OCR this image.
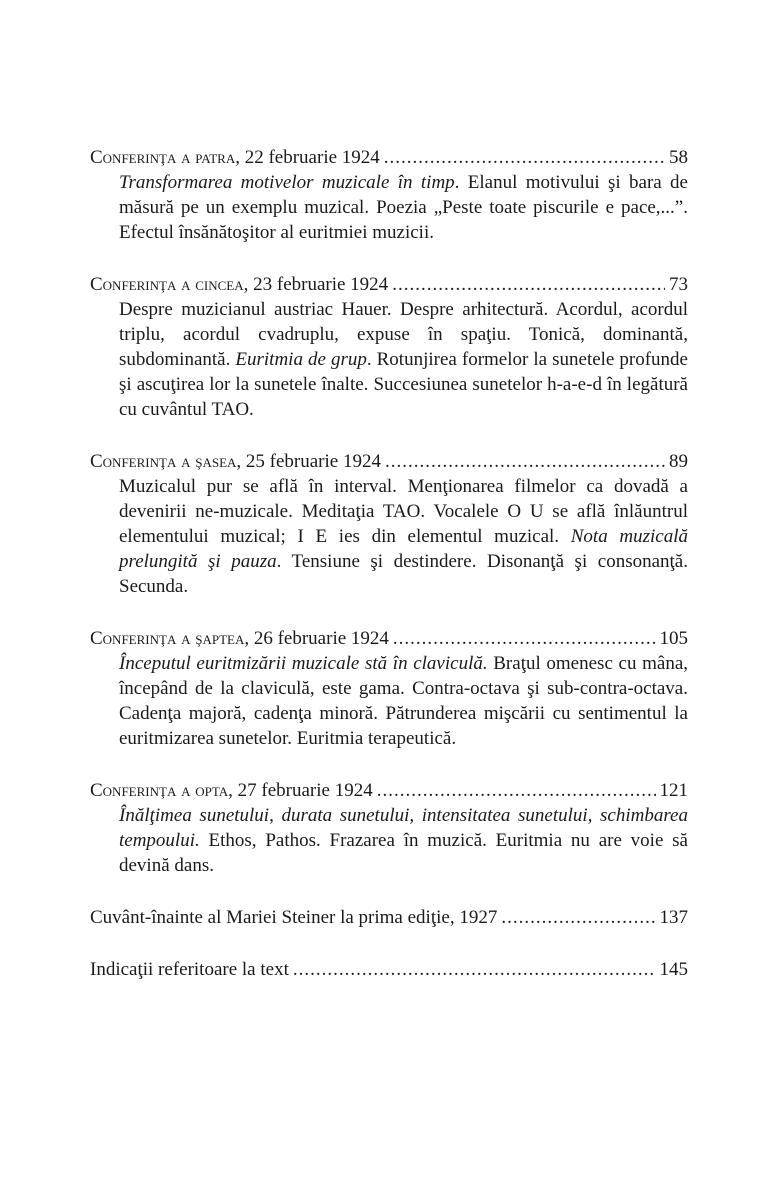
Conferinţa a patra , 22 februarie 1924 .....	58
Transformarea motivelor muzicale în timp. Elanul motivului şi bara de măsură pe un exemplu muzical. Poezia „Peste toate piscurile e pace,...”. Efectul însănătoşitor al euritmiei muzicii.
Conferinţa a cincea , 23 februarie 1924 .....	73
Despre muzicianul austriac Hauer. Despre arhitectură. Acordul, acordul triplu, acordul cvadruplu, expuse în spaţiu. Tonică, dominantă, subdominantă. Euritmia de grup. Rotunjirea formelor la sunetele profunde şi ascuţirea lor la sunetele înalte. Succesiunea sunetelor h-a-e-d în legătură cu cuvântul TAO.
Conferinţa a şasea , 25 februarie 1924 .....	89
Muzicalul pur se află în interval. Menţionarea filmelor ca dovadă a devenirii ne-muzicale. Meditaţia TAO. Vocalele O U se află înlăuntrul elementului muzical; I E ies din elementul muzical. Nota muzicală prelungită şi pauza. Tensiune şi destindere. Disonanţă şi consonanţă. Secunda.
Conferinţa a şaptea , 26 februarie 1924 .....	105
Începutul euritmizării muzicale stă în claviculă. Braţul omenesc cu mâna, începând de la claviculă, este gama. Contra-octava şi sub-contra-octava. Cadenţa majoră, cadenţa minoră. Pătrunderea mişcării cu sentimentul la euritmizarea sunetelor. Euritmia terapeutică.
Conferinţa a opta , 27 februarie 1924 .....	121
Înălţimea sunetului, durata sunetului, intensitatea sunetului, schimbarea tempoului. Ethos, Pathos. Frazarea în muzică. Euritmia nu are voie să devină dans.
Cuvânt-înainte al Mariei Steiner la prima ediţie, 1927 .....	137
Indicaţii referitoare la text .....	145
